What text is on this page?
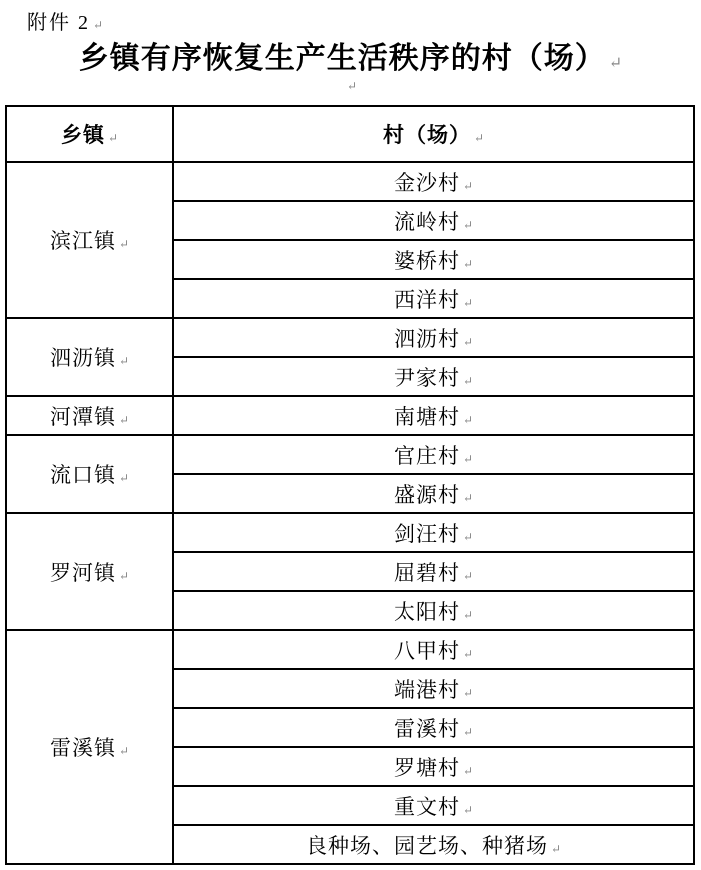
附件 2 ↵
乡镇有序恢复生产生活秩序的村（场） ↵
↵
乡镇 ↵	村（场） ↵
滨江镇 ↵	金沙村 ↵
	流岭村 ↵
	婆桥村 ↵
	西洋村 ↵
泗沥镇 ↵	泗沥村 ↵
	尹家村 ↵
河潭镇 ↵	南塘村 ↵
流口镇 ↵	官庄村 ↵
	盛源村 ↵
罗河镇 ↵	剑汪村 ↵
	屈碧村 ↵
	太阳村 ↵
雷溪镇 ↵	八甲村 ↵
	端港村 ↵
	雷溪村 ↵
	罗塘村 ↵
	重文村 ↵
	良种场、园艺场、种猪场 ↵
